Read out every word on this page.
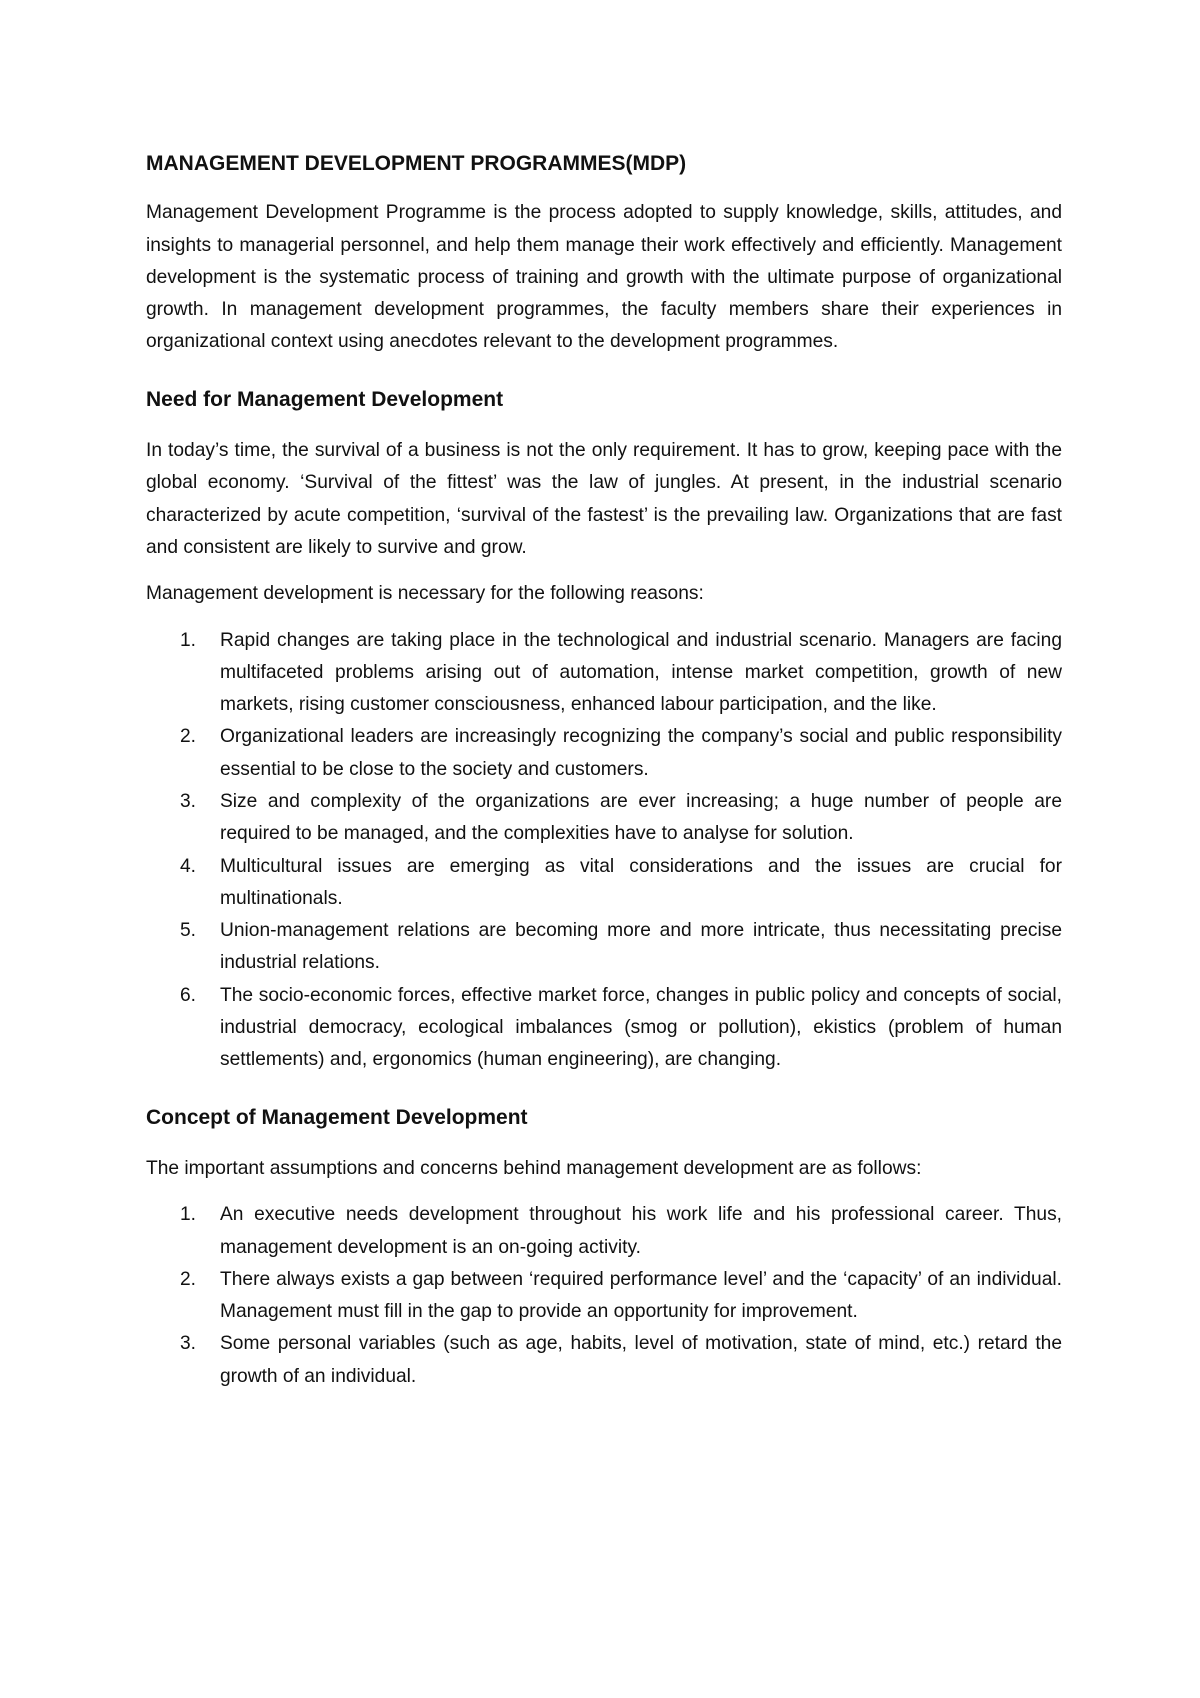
MANAGEMENT DEVELOPMENT PROGRAMMES(MDP)

Management Development Programme is the process adopted to supply knowledge, skills, attitudes, and insights to managerial personnel, and help them manage their work effectively and efficiently. Management development is the systematic process of training and growth with the ultimate purpose of organizational growth. In management development programmes, the faculty members share their experiences in organizational context using anecdotes relevant to the development programmes.

Need for Management Development

In today’s time, the survival of a business is not the only requirement. It has to grow, keeping pace with the global economy. ‘Survival of the fittest’ was the law of jungles. At present, in the industrial scenario characterized by acute competition, ‘survival of the fastest’ is the prevailing law. Organizations that are fast and consistent are likely to survive and grow.

Management development is necessary for the following reasons:

1.	Rapid changes are taking place in the technological and industrial scenario. Managers are facing multifaceted problems arising out of automation, intense market competition, growth of new markets, rising customer consciousness, enhanced labour participation, and the like.
2.	Organizational leaders are increasingly recognizing the company’s social and public responsibility essential to be close to the society and customers.
3.	Size and complexity of the organizations are ever increasing; a huge number of people are required to be managed, and the complexities have to analyse for solution.
4.	Multicultural issues are emerging as vital considerations and the issues are crucial for multinationals.
5.	Union-management relations are becoming more and more intricate, thus necessitating precise industrial relations.
6.	The socio-economic forces, effective market force, changes in public policy and concepts of social, industrial democracy, ecological imbalances (smog or pollution), ekistics (problem of human settlements) and, ergonomics (human engineering), are changing.
Concept of Management Development

The important assumptions and concerns behind management development are as follows:

1.	An executive needs development throughout his work life and his professional career. Thus, management development is an on-going activity.
2.	There always exists a gap between ‘required performance level’ and the ‘capacity’ of an individual. Management must fill in the gap to provide an opportunity for improvement.
3.	Some personal variables (such as age, habits, level of motivation, state of mind, etc.) retard the growth of an individual.
